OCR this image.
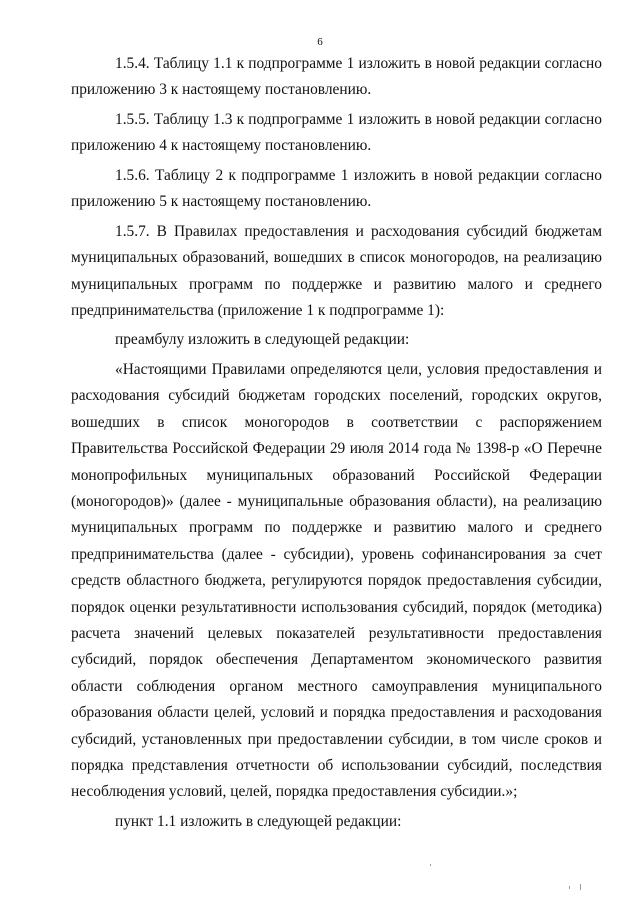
6

1.5.4. Таблицу 1.1 к подпрограмме 1 изложить в новой редакции согласно приложению 3 к настоящему постановлению.

1.5.5. Таблицу 1.3 к подпрограмме 1 изложить в новой редакции согласно приложению 4 к настоящему постановлению.

1.5.6. Таблицу 2 к подпрограмме 1 изложить в новой редакции согласно приложению 5 к настоящему постановлению.

1.5.7. В Правилах предоставления и расходования субсидий бюджетам муниципальных образований, вошедших в список моногородов, на реализацию муниципальных программ по поддержке и развитию малого и среднего предпринимательства (приложение 1 к подпрограмме 1):

преамбулу изложить в следующей редакции:

«Настоящими Правилами определяются цели, условия предоставления и расходования субсидий бюджетам городских поселений, городских округов, вошедших в список моногородов в соответствии с распоряжением Правительства Российской Федерации 29 июля 2014 года № 1398-р «О Перечне монопрофильных муниципальных образований Российской Федерации (моногородов)» (далее - муниципальные образования области), на реализацию муниципальных программ по поддержке и развитию малого и среднего предпринимательства (далее - субсидии), уровень софинансирования за счет средств областного бюджета, регулируются порядок предоставления субсидии, порядок оценки результативности использования субсидий, порядок (методика) расчета значений целевых показателей результативности предоставления субсидий, порядок обеспечения Департаментом экономического развития области соблюдения органом местного самоуправления муниципального образования области целей, условий и порядка предоставления и расходования субсидий, установленных при предоставлении субсидии, в том числе сроков и порядка представления отчетности об использовании субсидий, последствия несоблюдения условий, целей, порядка предоставления субсидии.»;

пункт 1.1 изложить в следующей редакции:
